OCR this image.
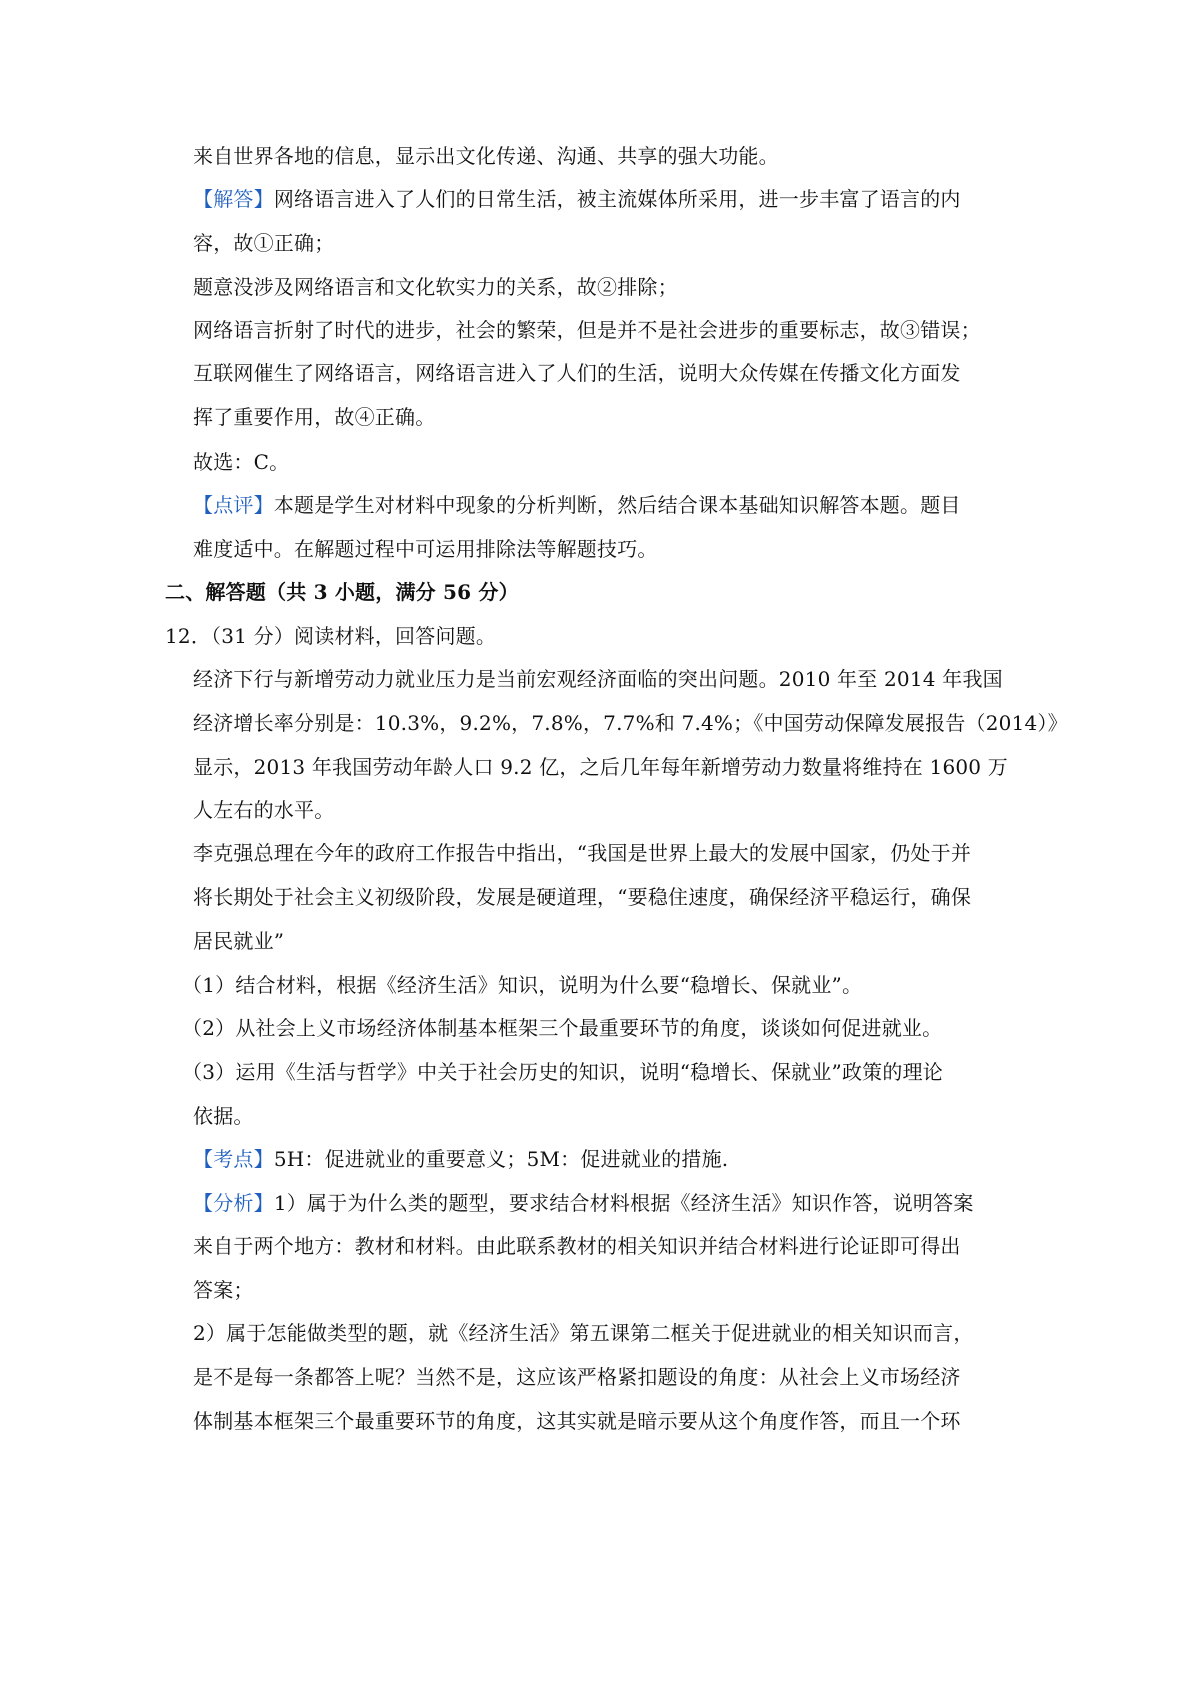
来自世界各地的信息，显示出文化传递、沟通、共享的强大功能。
【解答】网络语言进入了人们的日常生活，被主流媒体所采用，进一步丰富了语言的内
容，故①正确；
题意没涉及网络语言和文化软实力的关系，故②排除；
网络语言折射了时代的进步，社会的繁荣，但是并不是社会进步的重要标志，故③错误；
互联网催生了网络语言，网络语言进入了人们的生活，说明大众传媒在传播文化方面发
挥了重要作用，故④正确。
故选：C。
【点评】本题是学生对材料中现象的分析判断，然后结合课本基础知识解答本题。题目
难度适中。在解题过程中可运用排除法等解题技巧。
二、解答题（共 3 小题，满分 56 分）
12．（31 分）阅读材料，回答问题。
经济下行与新增劳动力就业压力是当前宏观经济面临的突出问题。2010 年至 2014 年我国
经济增长率分别是：10.3%，9.2%，7.8%，7.7%和 7.4%；《中国劳动保障发展报告（2014）》
显示，2013 年我国劳动年龄人口 9.2 亿，之后几年每年新增劳动力数量将维持在 1600 万
人左右的水平。
李克强总理在今年的政府工作报告中指出，“我国是世界上最大的发展中国家，仍处于并
将长期处于社会主义初级阶段，发展是硬道理，“要稳住速度，确保经济平稳运行，确保
居民就业”
（1）结合材料，根据《经济生活》知识，说明为什么要“稳增长、保就业”。
（2）从社会上义市场经济体制基本框架三个最重要环节的角度，谈谈如何促进就业。
（3）运用《生活与哲学》中关于社会历史的知识，说明“稳增长、保就业”政策的理论
依据。
【考点】5H：促进就业的重要意义；5M：促进就业的措施.
【分析】1）属于为什么类的题型，要求结合材料根据《经济生活》知识作答，说明答案
来自于两个地方：教材和材料。由此联系教材的相关知识并结合材料进行论证即可得出
答案；
2）属于怎能做类型的题，就《经济生活》第五课第二框关于促进就业的相关知识而言，
是不是每一条都答上呢？当然不是，这应该严格紧扣题设的角度：从社会上义市场经济
体制基本框架三个最重要环节的角度，这其实就是暗示要从这个角度作答，而且一个环
